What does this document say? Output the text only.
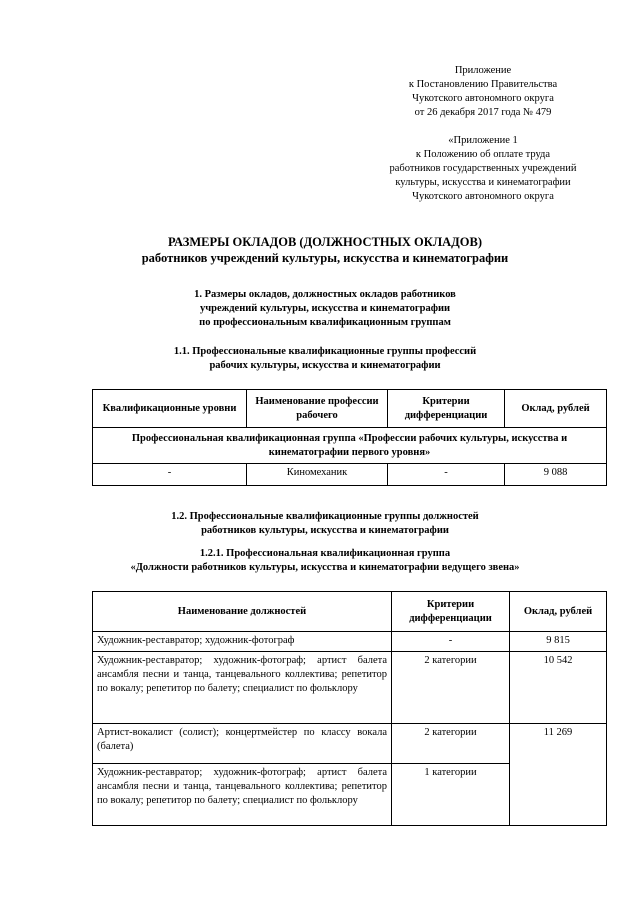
Приложение
к Постановлению Правительства
Чукотского автономного округа
от 26 декабря 2017 года № 479
«Приложение 1
к Положению об оплате труда
работников государственных учреждений
культуры, искусства и кинематографии
Чукотского автономного округа
РАЗМЕРЫ ОКЛАДОВ (ДОЛЖНОСТНЫХ ОКЛАДОВ)
работников учреждений культуры, искусства и кинематографии
1. Размеры окладов, должностных окладов работников
учреждений культуры, искусства и кинематографии
по профессиональным квалификационным группам
1.1. Профессиональные квалификационные группы профессий
рабочих культуры, искусства и кинематографии
Квалификационные уровни	Наименование профессии рабочего	Критерии дифференциации	Оклад, рублей
Профессиональная квалификационная группа «Профессии рабочих культуры, искусства и кинематографии первого уровня»			
-	Киномеханик	-	9 088
1.2. Профессиональные квалификационные группы должностей
работников культуры, искусства и кинематографии
1.2.1. Профессиональная квалификационная группа
«Должности работников культуры, искусства и кинематографии ведущего звена»
Наименование должностей	Критерии дифференциации	Оклад, рублей
Художник-реставратор; художник-фотограф	-	9 815
Художник-реставратор; художник-фотограф; артист балета ансамбля песни и танца, танцевального коллектива; репетитор по вокалу; репетитор по балету; специалист по фольклору	2 категории	10 542
Артист-вокалист (солист); концертмейстер по классу вокала (балета)	2 категории	11 269
Художник-реставратор; художник-фотограф; артист балета ансамбля песни и танца, танцевального коллектива; репетитор по вокалу; репетитор по балету; специалист по фольклору	1 категории	
